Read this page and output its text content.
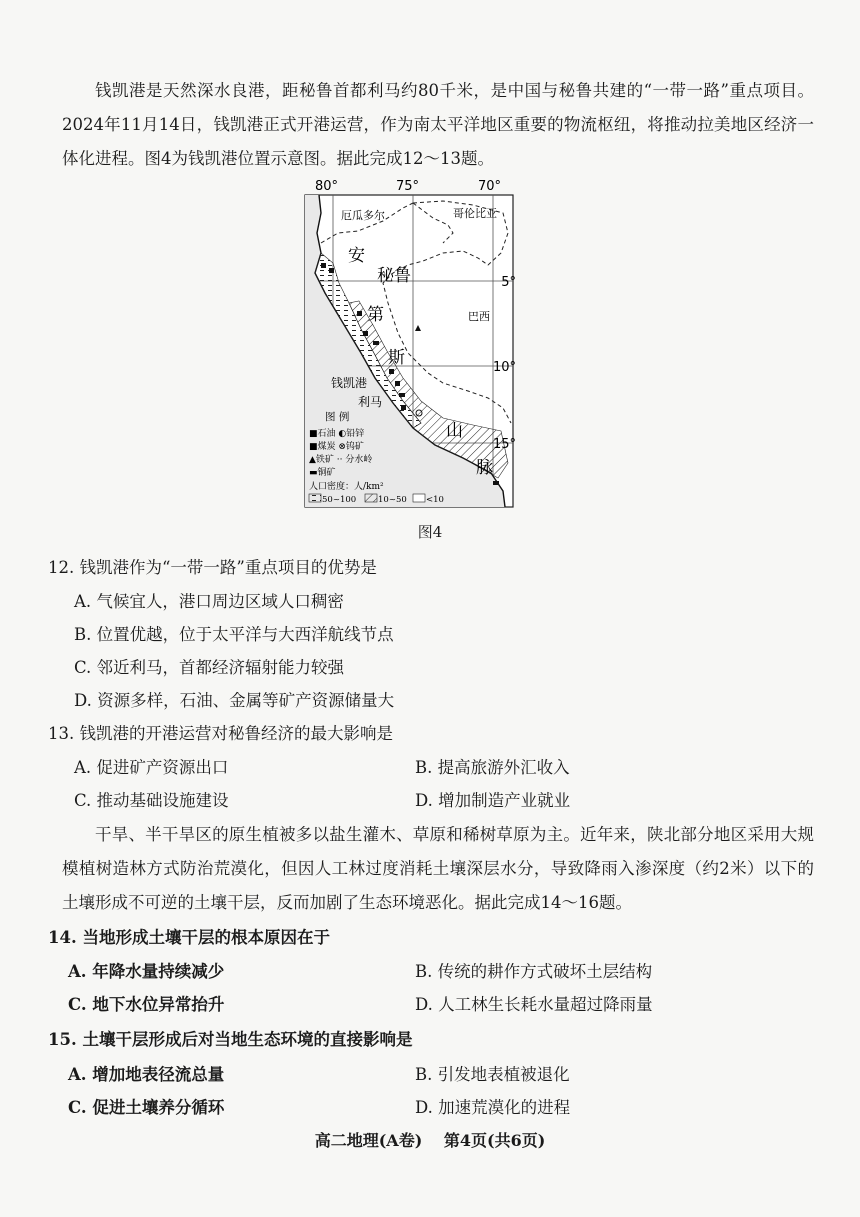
钱凯港是天然深水良港，距秘鲁首都利马约80千米，是中国与秘鲁共建的“一带一路”重点项目。2024年11月14日，钱凯港正式开港运营，作为南太平洋地区重要的物流枢纽，将推动拉美地区经济一体化进程。图4为钱凯港位置示意图。据此完成12～13题。

80°	75°	70°
厄瓜多尔	哥伦比亚
秘鲁
巴西
安
第
斯
山
脉
钱凯港
利马
图 例
■石油 ◐铅锌
■煤炭 ⊗钨矿
▲铁矿 ·· 分水岭
▬铜矿
人口密度：人/km²
50~100	10~50 <10
5°
10°
15°
图4

12. 钱凯港作为“一带一路”重点项目的优势是

A. 气候宜人，港口周边区域人口稠密

B. 位置优越，位于太平洋与大西洋航线节点

C. 邻近利马，首都经济辐射能力较强

D. 资源多样，石油、金属等矿产资源储量大

13. 钱凯港的开港运营对秘鲁经济的最大影响是

A. 促进矿产资源出口	B. 提高旅游外汇收入

C. 推动基础设施建设	D. 增加制造产业就业

干旱、半干旱区的原生植被多以盐生灌木、草原和稀树草原为主。近年来，陕北部分地区采用大规模植树造林方式防治荒漠化，但因人工林过度消耗土壤深层水分，导致降雨入渗深度（约2米）以下的土壤形成不可逆的土壤干层，反而加剧了生态环境恶化。据此完成14～16题。

14. 当地形成土壤干层的根本原因在于

A. 年降水量持续减少	B. 传统的耕作方式破坏土层结构

C. 地下水位异常抬升	D. 人工林生长耗水量超过降雨量

15. 土壤干层形成后对当地生态环境的直接影响是

A. 增加地表径流总量	B. 引发地表植被退化

C. 促进土壤养分循环	D. 加速荒漠化的进程

高二地理(A卷) 第4页(共6页)
